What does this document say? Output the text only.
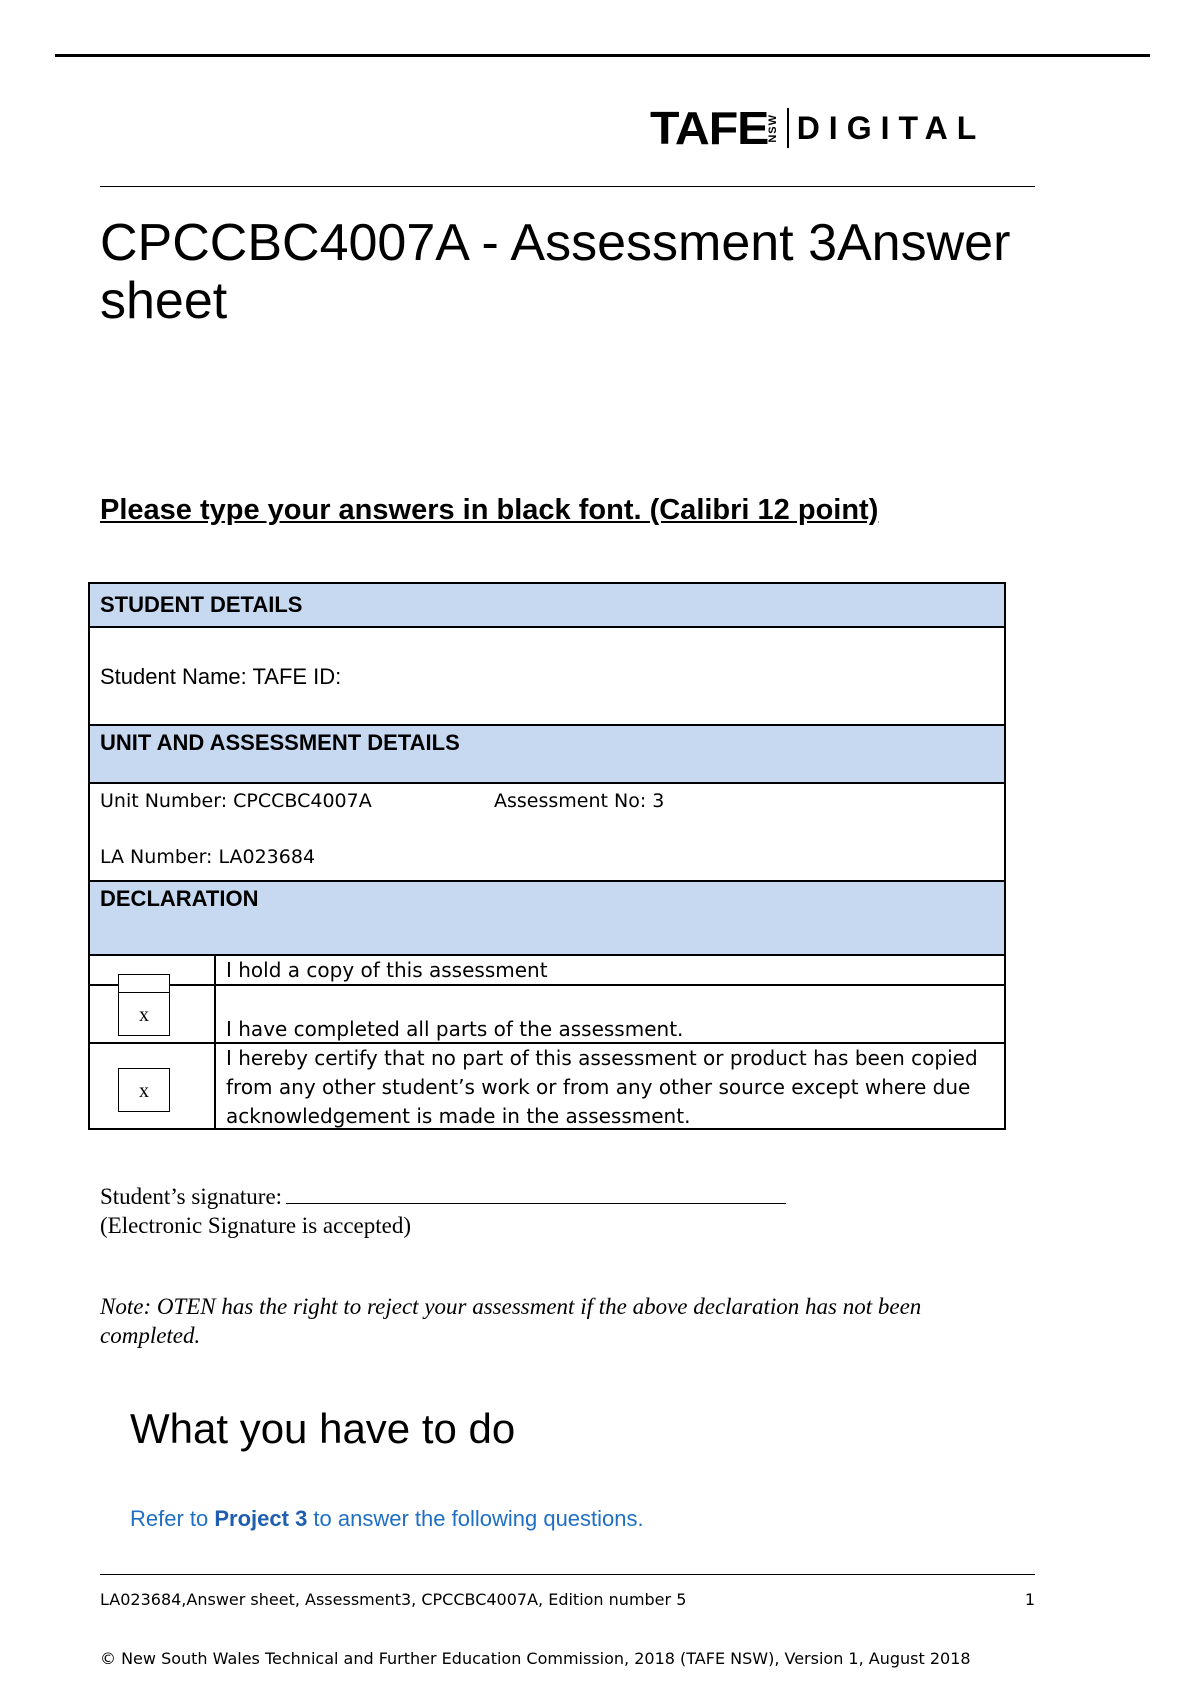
TAFE
NSW DIGITAL
CPCCBC4007A - Assessment 3Answer sheet
Please type your answers in black font. (Calibri 12 point)
STUDENT DETAILS
Student Name: TAFE ID:
UNIT AND ASSESSMENT DETAILS
Unit Number: CPCCBC4007A	Assessment No: 3
LA Number: LA023684
DECLARATION
I hold a copy of this assessment
x
I have completed all parts of the assessment.
x
I hereby certify that no part of this assessment or product has been copied from any other student’s work or from any other source except where due acknowledgement is made in the assessment.
Student’s signature:
(Electronic Signature is accepted)
Note: OTEN has the right to reject your assessment if the above declaration has not been completed.
What you have to do
Refer to Project 3 to answer the following questions.
LA023684,Answer sheet, Assessment3, CPCCBC4007A, Edition number 5	1
© New South Wales Technical and Further Education Commission, 2018 (TAFE NSW), Version 1, August 2018
